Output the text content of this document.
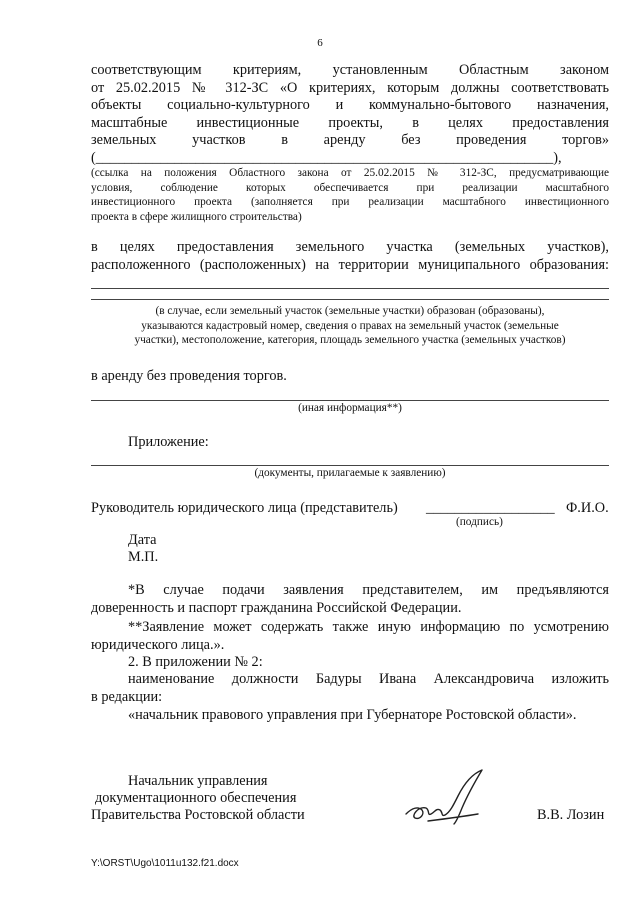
6
соответствующим критериям, установленным Областным законом
от 25.02.2015 № 312-ЗС «О критериях, которым должны соответствовать
объекты социально-культурного и коммунально-бытового назначения,
масштабные инвестиционные проекты, в целях предоставления
земельных участков в аренду без проведения торгов»
(________________________________________________________________),
(ссылка на положения Областного закона от 25.02.2015 № 312-ЗС, предусматривающие
условия, соблюдение которых обеспечивается при реализации масштабного
инвестиционного проекта (заполняется при реализации масштабного инвестиционного
проекта в сфере жилищного строительства)
в целях предоставления земельного участка (земельных участков),
расположенного (расположенных) на территории муниципального образования:
(в случае, если земельный участок (земельные участки) образован (образованы),
указываются кадастровый номер, сведения о правах на земельный участок (земельные
участки), местоположение, категория, площадь земельного участка (земельных участков)
в аренду без проведения торгов.
(иная информация**)
Приложение:
(документы, прилагаемые к заявлению)
Руководитель юридического лица (представитель) __________________ Ф.И.О.
(подпись)
Дата
М.П.
*В случае подачи заявления представителем, им предъявляются
доверенность и паспорт гражданина Российской Федерации.
**Заявление может содержать также иную информацию по усмотрению
юридического лица.».
2. В приложении № 2:
наименование должности Бадуры Ивана Александровича изложить
в редакции:
«начальник правового управления при Губернаторе Ростовской области».
Начальник управления
документационного обеспечения
Правительства Ростовской области	В.В. Лозин
Y:\ORST\Ugo\1011u132.f21.docx
